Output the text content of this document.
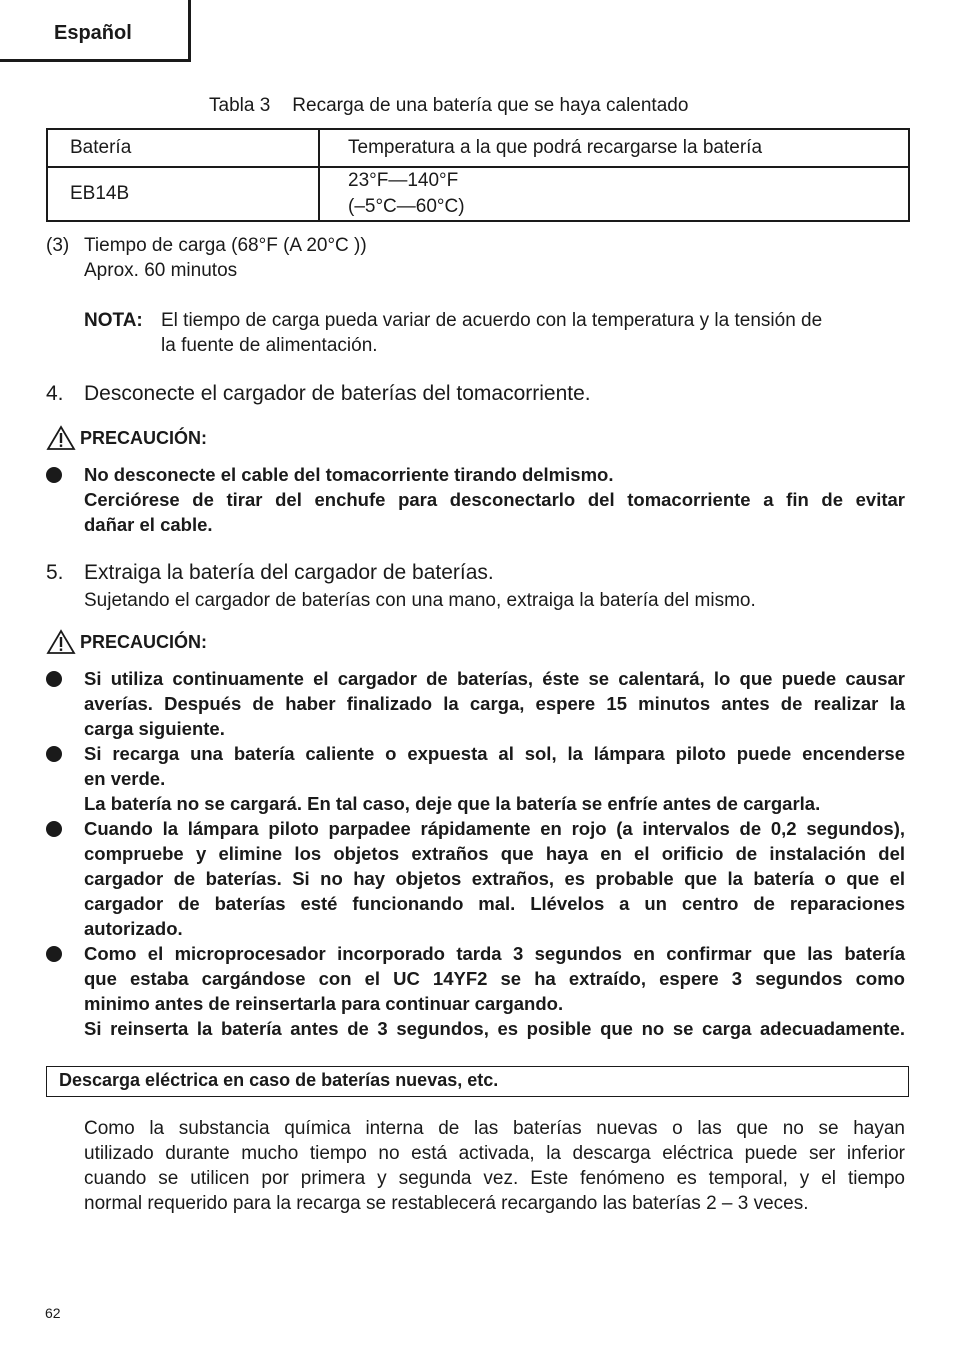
Español
Tabla 3 Recarga de una batería que se haya calentado
Batería	Temperatura a la que podrá recargarse la batería
EB14B	23°F—140°F
(–5°C—60°C)
(3) Tiempo de carga (68°F (A 20°C ))
Aprox. 60 minutos
NOTA: El tiempo de carga pueda variar de acuerdo con la temperatura y la tensión de
la fuente de alimentación.
4. Desconecte el cargador de baterías del tomacorriente.
PRECAUCIÓN:
No desconecte el cable del tomacorriente tirando delmismo.
Cerciórese de tirar del enchufe para desconectarlo del tomacorriente a fin de evitar
dañar el cable.
5. Extraiga la batería del cargador de baterías.
Sujetando el cargador de baterías con una mano, extraiga la batería del mismo.
PRECAUCIÓN:
Si utiliza continuamente el cargador de baterías, éste se calentará, lo que puede causar
averías. Después de haber finalizado la carga, espere 15 minutos antes de realizar la
carga siguiente.
Si recarga una batería caliente o expuesta al sol, la lámpara piloto puede encenderse
en verde.
La batería no se cargará. En tal caso, deje que la batería se enfríe antes de cargarla.
Cuando la lámpara piloto parpadee rápidamente en rojo (a intervalos de 0,2 segundos),
compruebe y elimine los objetos extraños que haya en el orificio de instalación del
cargador de baterías. Si no hay objetos extraños, es probable que la batería o que el
cargador de baterías esté funcionando mal. Llévelos a un centro de reparaciones
autorizado.
Como el microprocesador incorporado tarda 3 segundos en confirmar que las batería
que estaba cargándose con el UC 14YF2 se ha extraído, espere 3 segundos como
minimo antes de reinsertarla para continuar cargando.
Si reinserta la batería antes de 3 segundos, es posible que no se carga adecuadamente.
Descarga eléctrica en caso de baterías nuevas, etc.
Como la substancia química interna de las baterías nuevas o las que no se hayan
utilizado durante mucho tiempo no está activada, la descarga eléctrica puede ser inferior
cuando se utilicen por primera y segunda vez. Este fenómeno es temporal, y el tiempo
normal requerido para la recarga se restablecerá recargando las baterías 2 – 3 veces.
62
